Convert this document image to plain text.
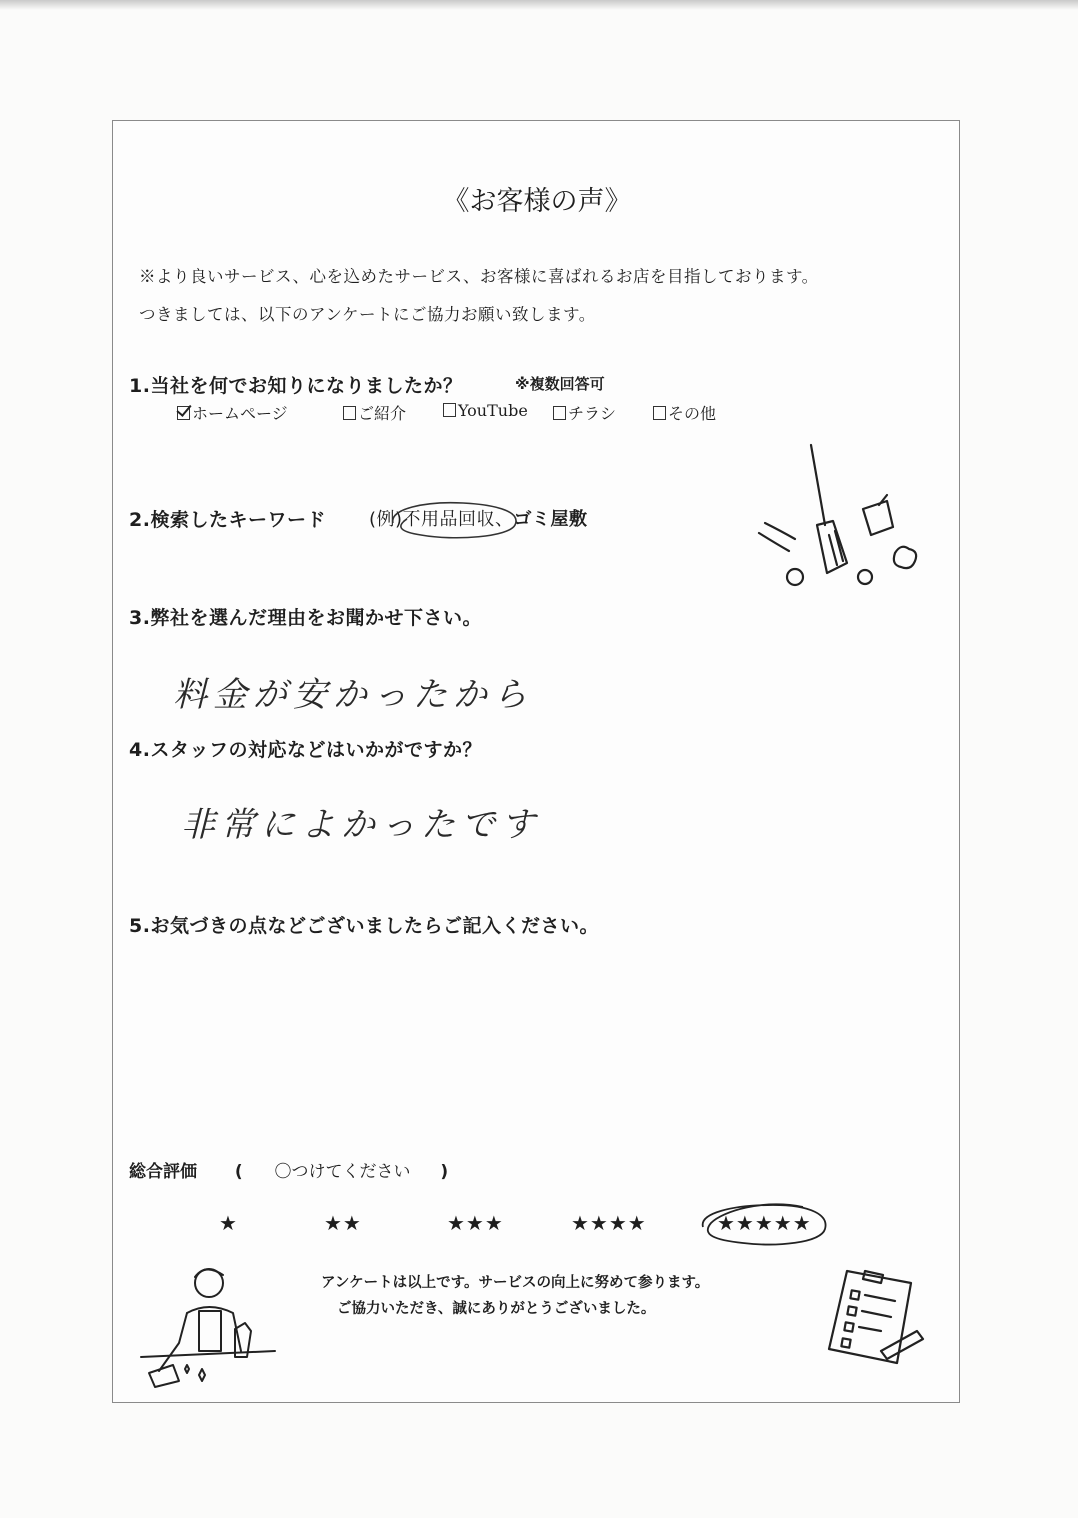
《お客様の声》
※より良いサービス、心を込めたサービス、お客様に喜ばれるお店を目指しております。
つきましては、以下のアンケートにご協力お願い致します。
1.当社を何でお知りになりましたか？	※複数回答可
ホームページ	ご紹介	YouTube	チラシ	その他
2.検索したキーワード (例)不用品回収、ゴミ屋敷
3.弊社を選んだ理由をお聞かせ下さい。
料金が安かったから
4.スタッフの対応などはいかがですか？
非常によかったです
5.お気づきの点などございましたらご記入ください。
総合評価 ( 〇つけてください )
★	★★	★★★	★★★★	★★★★★
アンケートは以上です。サービスの向上に努めて参ります。
ご協力いただき、誠にありがとうございました。
